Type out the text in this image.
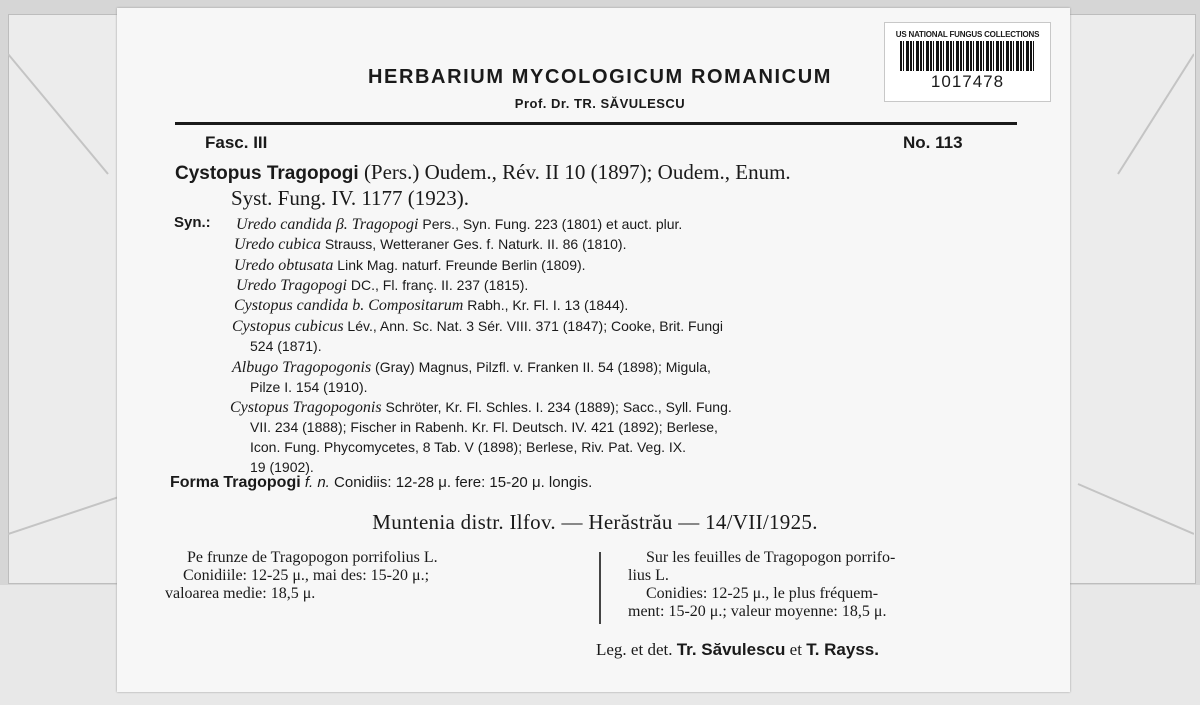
US NATIONAL FUNGUS COLLECTIONS
1017478
HERBARIUM MYCOLOGICUM ROMANICUM
Prof. Dr. TR. SĂVULESCU
Fasc. III	No. 113
Cystopus Tragopogi (Pers.) Oudem., Rév. II 10 (1897); Oudem., Enum.
Syst. Fung. IV. 1177 (1923).
Syn.: Uredo candida β. Tragopogi Pers., Syn. Fung. 223 (1801) et auct. plur.
Uredo cubica Strauss, Wetteraner Ges. f. Naturk. II. 86 (1810).
Uredo obtusata Link Mag. naturf. Freunde Berlin (1809).
Uredo Tragopogi DC., Fl. franç. II. 237 (1815).
Cystopus candida b. Compositarum Rabh., Kr. Fl. I. 13 (1844).
Cystopus cubicus Lév., Ann. Sc. Nat. 3 Sér. VIII. 371 (1847); Cooke, Brit. Fungi
524 (1871).
Albugo Tragopogonis (Gray) Magnus, Pilzfl. v. Franken II. 54 (1898); Migula,
Pilze I. 154 (1910).
Cystopus Tragopogonis Schröter, Kr. Fl. Schles. I. 234 (1889); Sacc., Syll. Fung.
VII. 234 (1888); Fischer in Rabenh. Kr. Fl. Deutsch. IV. 421 (1892); Berlese,
Icon. Fung. Phycomycetes, 8 Tab. V (1898); Berlese, Riv. Pat. Veg. IX.
19 (1902).
Forma Tragopogi f. n. Conidiis: 12-28 μ. fere: 15-20 μ. longis.
Muntenia distr. Ilfov. — Herăstrău — 14/VII/1925.
Pe frunze de Tragopogon porrifolius L.
Conidiile: 12-25 μ., mai des: 15-20 μ.;
valoarea medie: 18,5 μ.
Sur les feuilles de Tragopogon porrifo-
lius L.
Conidies: 12-25 μ., le plus fréquem-
ment: 15-20 μ.; valeur moyenne: 18,5 μ.
Leg. et det. Tr. Săvulescu et T. Rayss.
